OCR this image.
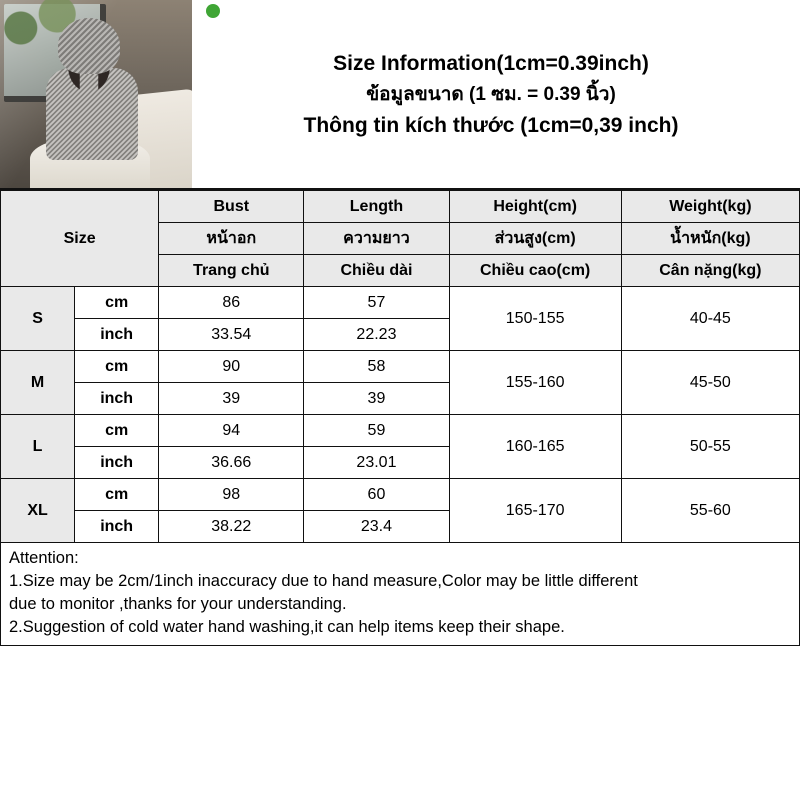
Size Information(1cm=0.39inch)
ข้อมูลขนาด (1 ซม. = 0.39 นิ้ว)
Thông tin kích thước (1cm=0,39 inch)
Size		Bust	Length	Height(cm)	Weight(kg)
		หน้าอก	ความยาว	ส่วนสูง(cm)	น้ำหนัก(kg)
		Trang chủ	Chiều dài	Chiều cao(cm)	Cân nặng(kg)
S	cm	86	57	150-155	40-45
	inch	33.54	22.23		
M	cm	90	58	155-160	45-50
	inch	39	39		
L	cm	94	59	160-165	50-55
	inch	36.66	23.01		
XL	cm	98	60	165-170	55-60
	inch	38.22	23.4		
Attention:
1.Size may be 2cm/1inch inaccuracy due to hand measure,Color may be little different
due to monitor ,thanks for your understanding.
2.Suggestion of cold water hand washing,it can help items keep their shape.
